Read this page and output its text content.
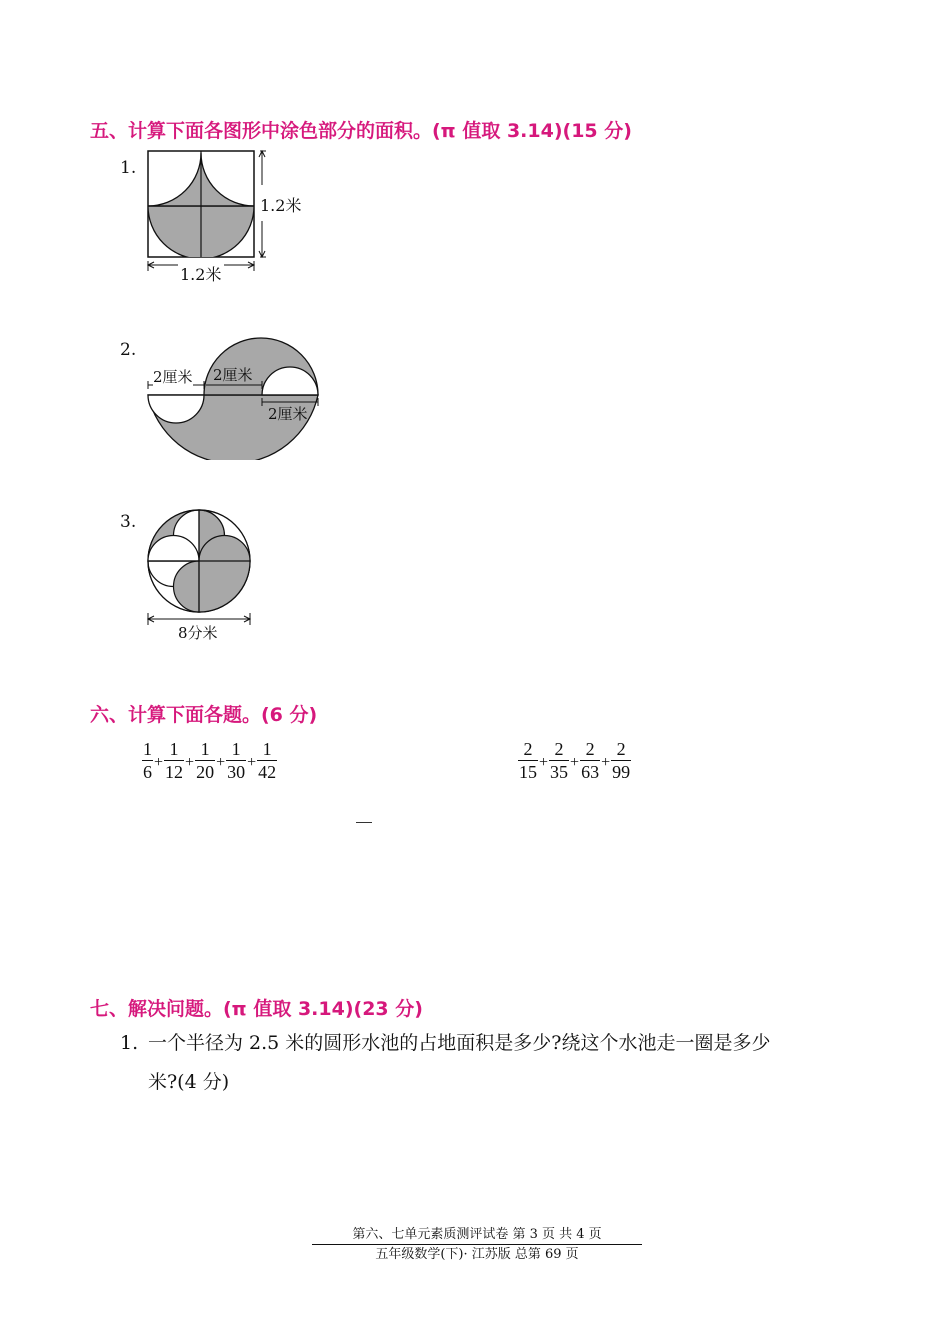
五、计算下面各图形中涂色部分的面积。(π 值取 3.14)(15 分)
1.
1.2米
1.2米
2.
2厘米 2厘米
2厘米
3.
8分米
六、计算下面各题。(6 分)
1
$6 + \frac{1}{12} + \frac{1}{20} + \frac{1}{30} + \frac{1}{42}$	2
$15 + \frac{2}{35} + \frac{2}{63} + \frac{2}{99}$
七、解决问题。(π 值取 3.14)(23 分)
1. 一个半径为 2.5 米的圆形水池的占地面积是多少?绕这个水池走一圈是多少
米?(4 分)
第六、七单元素质测评试卷 第 3 页 共 4 页
五年级数学(下)· 江苏版 总第 69 页
